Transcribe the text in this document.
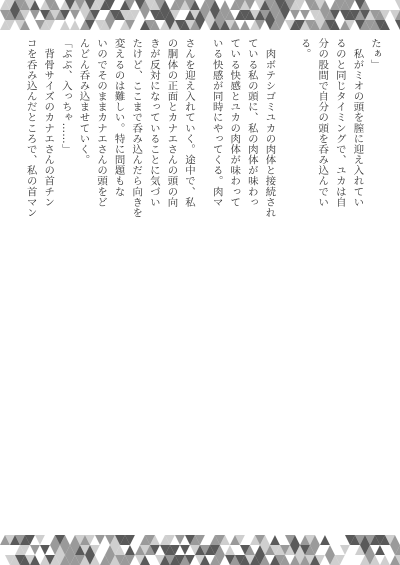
たぁ」

　私がミオの頭を膣に迎え入れてい

るのと同じタイミングで、ユカは自

分の股間で自分の頭を呑み込んでい

る。

　肉ボテシゴミユカの肉体と接続され

ている私の頭に、私の肉体が味わっ

ている快感とユカの肉体が味わって

いる快感が同時にやってくる。肉マ

さんを迎え入れていく。途中で、私

の胴体の正面とカナエさんの頭の向

きが反対になっていることに気づい

たけど、ここまで呑み込んだら向きを

変えるのは難しい。特に問題もな

いのでそのままカナエさんの頭をど

んどん呑み込ませていく。

「ぷぷ、入っちゃ……」

　背骨サイズのカナエさんの首チン

コを呑み込んだところで、私の首マン
